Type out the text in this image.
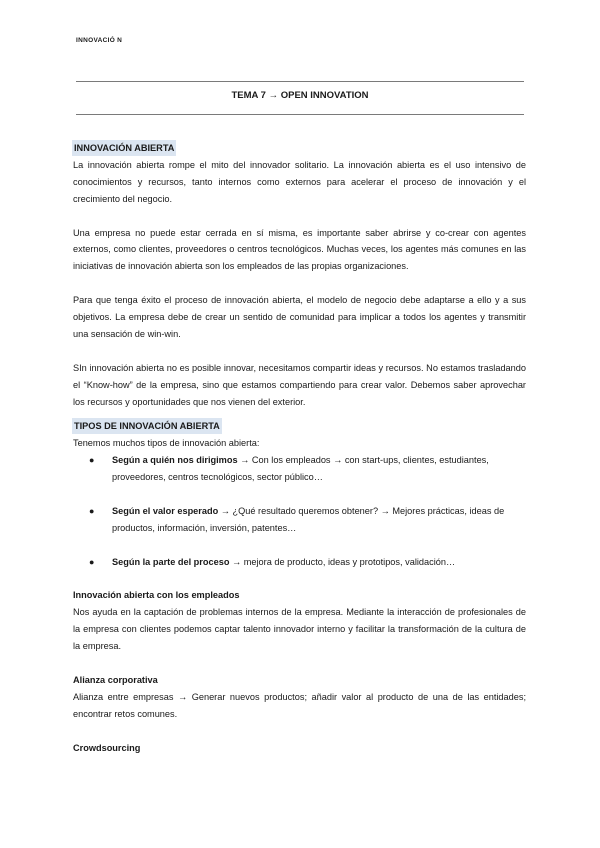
INNOVACIÓ N
TEMA 7 → OPEN INNOVATION
INNOVACIÓN ABIERTA

La innovación abierta rompe el mito del innovador solitario. La innovación abierta es el uso intensivo de conocimientos y recursos, tanto internos como externos para acelerar el proceso de innovación y el crecimiento del negocio.

Una empresa no puede estar cerrada en sí misma, es importante saber abrirse y co-crear con agentes externos, como clientes, proveedores o centros tecnológicos. Muchas veces, los agentes más comunes en las iniciativas de innovación abierta son los empleados de las propias organizaciones.

Para que tenga éxito el proceso de innovación abierta, el modelo de negocio debe adaptarse a ello y a sus objetivos. La empresa debe de crear un sentido de comunidad para implicar a todos los agentes y transmitir una sensación de win-win.

SIn innovación abierta no es posible innovar, necesitamos compartir ideas y recursos. No estamos trasladando el “Know-how” de la empresa, sino que estamos compartiendo para crear valor. Debemos saber aprovechar los recursos y oportunidades que nos vienen del exterior.

TIPOS DE INNOVACIÓN ABIERTA

Tenemos muchos tipos de innovación abierta:

● Según a quién nos dirigimos → Con los empleados → con start-ups, clientes, estudiantes, proveedores, centros tecnológicos, sector público…
● Según el valor esperado → ¿Qué resultado queremos obtener? → Mejores prácticas, ideas de productos, información, inversión, patentes…
● Según la parte del proceso → mejora de producto, ideas y prototipos, validación…

Innovación abierta con los empleados

Nos ayuda en la captación de problemas internos de la empresa. Mediante la interacción de profesionales de la empresa con clientes podemos captar talento innovador interno y facilitar la transformación de la cultura de la empresa.

Alianza corporativa

Alianza entre empresas → Generar nuevos productos; añadir valor al producto de una de las entidades; encontrar retos comunes.

Crowdsourcing
